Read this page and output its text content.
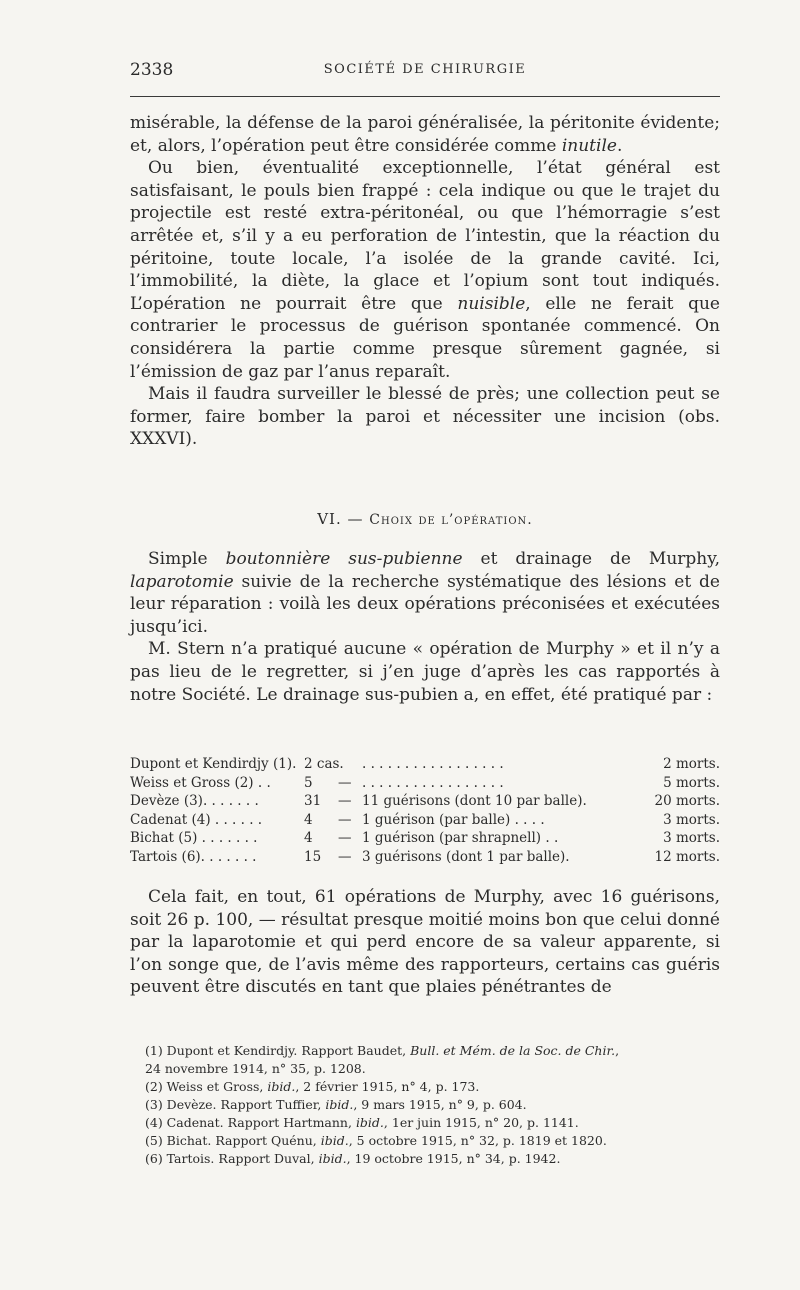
2338	SOCIÉTÉ DE CHIRURGIE

misérable, la défense de la paroi généralisée, la péritonite évidente; et, alors, l’opération peut être considérée comme inutile.

Ou bien, éventualité exceptionnelle, l’état général est satisfaisant, le pouls bien frappé : cela indique ou que le trajet du projectile est resté extra-péritonéal, ou que l’hémorragie s’est arrêtée et, s’il y a eu perforation de l’intestin, que la réaction du péritoine, toute locale, l’a isolée de la grande cavité. Ici, l’immobilité, la diète, la glace et l’opium sont tout indiqués. L’opération ne pourrait être que nuisible, elle ne ferait que contrarier le processus de guérison spontanée commencé. On considérera la partie comme presque sûrement gagnée, si l’émission de gaz par l’anus reparaît.

Mais il faudra surveiller le blessé de près; une collection peut se former, faire bomber la paroi et nécessiter une incision (obs. XXXVI).

VI. — Choix de l’opération.

Simple boutonnière sus-pubienne et drainage de Murphy, laparotomie suivie de la recherche systématique des lésions et de leur réparation : voilà les deux opérations préconisées et exécutées jusqu’ici.

M. Stern n’a pratiqué aucune « opération de Murphy » et il n’y a pas lieu de le regretter, si j’en juge d’après les cas rapportés à notre Société. Le drainage sus-pubien a, en effet, été pratiqué par :

Dupont et Kendirdjy (1). 2 cas. . . . . . . . . . . . . . . . . .	2 morts.
Weiss et Gross (2) . . 5 — . . . . . . . . . . . . . . . . .	5 morts.
Devèze (3). . . . . . .	31 — 11 guérisons (dont 10 par balle).	20 morts.
Cadenat (4) . . . . . .	4 — 1 guérison (par balle) . . . .	3 morts.
Bichat (5) . . . . . . .	4 — 1 guérison (par shrapnell) . .	3 morts.
Tartois (6). . . . . . .	15 — 3 guérisons (dont 1 par balle).	12 morts.

Cela fait, en tout, 61 opérations de Murphy, avec 16 guérisons, soit 26 p. 100, — résultat presque moitié moins bon que celui donné par la laparotomie et qui perd encore de sa valeur apparente, si l’on songe que, de l’avis même des rapporteurs, certains cas guéris peuvent être discutés en tant que plaies pénétrantes de

(1) Dupont et Kendirdjy. Rapport Baudet, Bull. et Mém. de la Soc. de Chir.,
24 novembre 1914, n° 35, p. 1208.
(2) Weiss et Gross, ibid., 2 février 1915, n° 4, p. 173.
(3) Devèze. Rapport Tuffier, ibid., 9 mars 1915, n° 9, p. 604.
(4) Cadenat. Rapport Hartmann, ibid., 1er juin 1915, n° 20, p. 1141.
(5) Bichat. Rapport Quénu, ibid., 5 octobre 1915, n° 32, p. 1819 et 1820.
(6) Tartois. Rapport Duval, ibid., 19 octobre 1915, n° 34, p. 1942.
